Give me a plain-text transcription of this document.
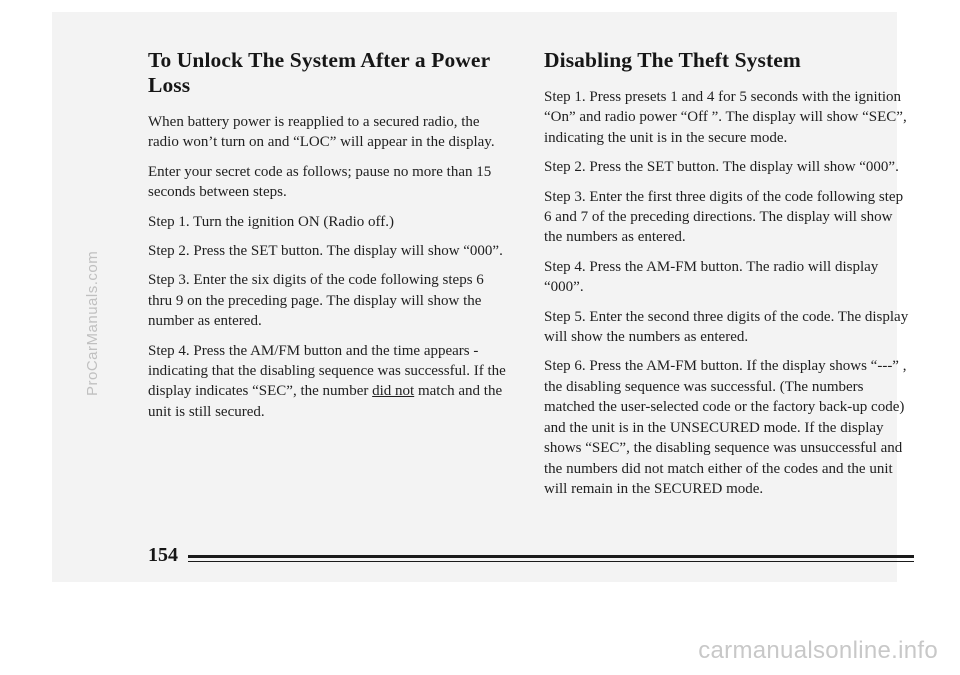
To Unlock The System After a Power Loss

When battery power is reapplied to a secured radio, the radio won’t turn on and “LOC” will appear in the display.

Enter your secret code as follows; pause no more than 15 seconds between steps.

Step 1. Turn the ignition ON (Radio off.)

Step 2. Press the SET button. The display will show “000”.

Step 3. Enter the six digits of the code following steps 6 thru 9 on the preceding page. The display will show the number as entered.

Step 4. Press the AM/FM button and the time appears - indicating that the disabling sequence was successful. If the display indicates “SEC”, the number did not match and the unit is still secured.

Disabling The Theft System

Step 1. Press presets 1 and 4 for 5 seconds with the ignition “On” and radio power “Off ”. The display will show “SEC”, indicating the unit is in the secure mode.

Step 2. Press the SET button. The display will show “000”.

Step 3. Enter the first three digits of the code following step 6 and 7 of the preceding directions. The display will show the numbers as entered.

Step 4. Press the AM-FM button. The radio will display “000”.

Step 5. Enter the second three digits of the code. The display will show the numbers as entered.

Step 6. Press the AM-FM button. If the display shows “---” , the disabling sequence was successful. (The numbers matched the user-selected code or the factory back-up code) and the unit is in the UNSECURED mode. If the display shows “SEC”, the disabling sequence was unsuccessful and the numbers did not match either of the codes and the unit will remain in the SECURED mode.

154
ProCarManuals.com
carmanualsonline.info
